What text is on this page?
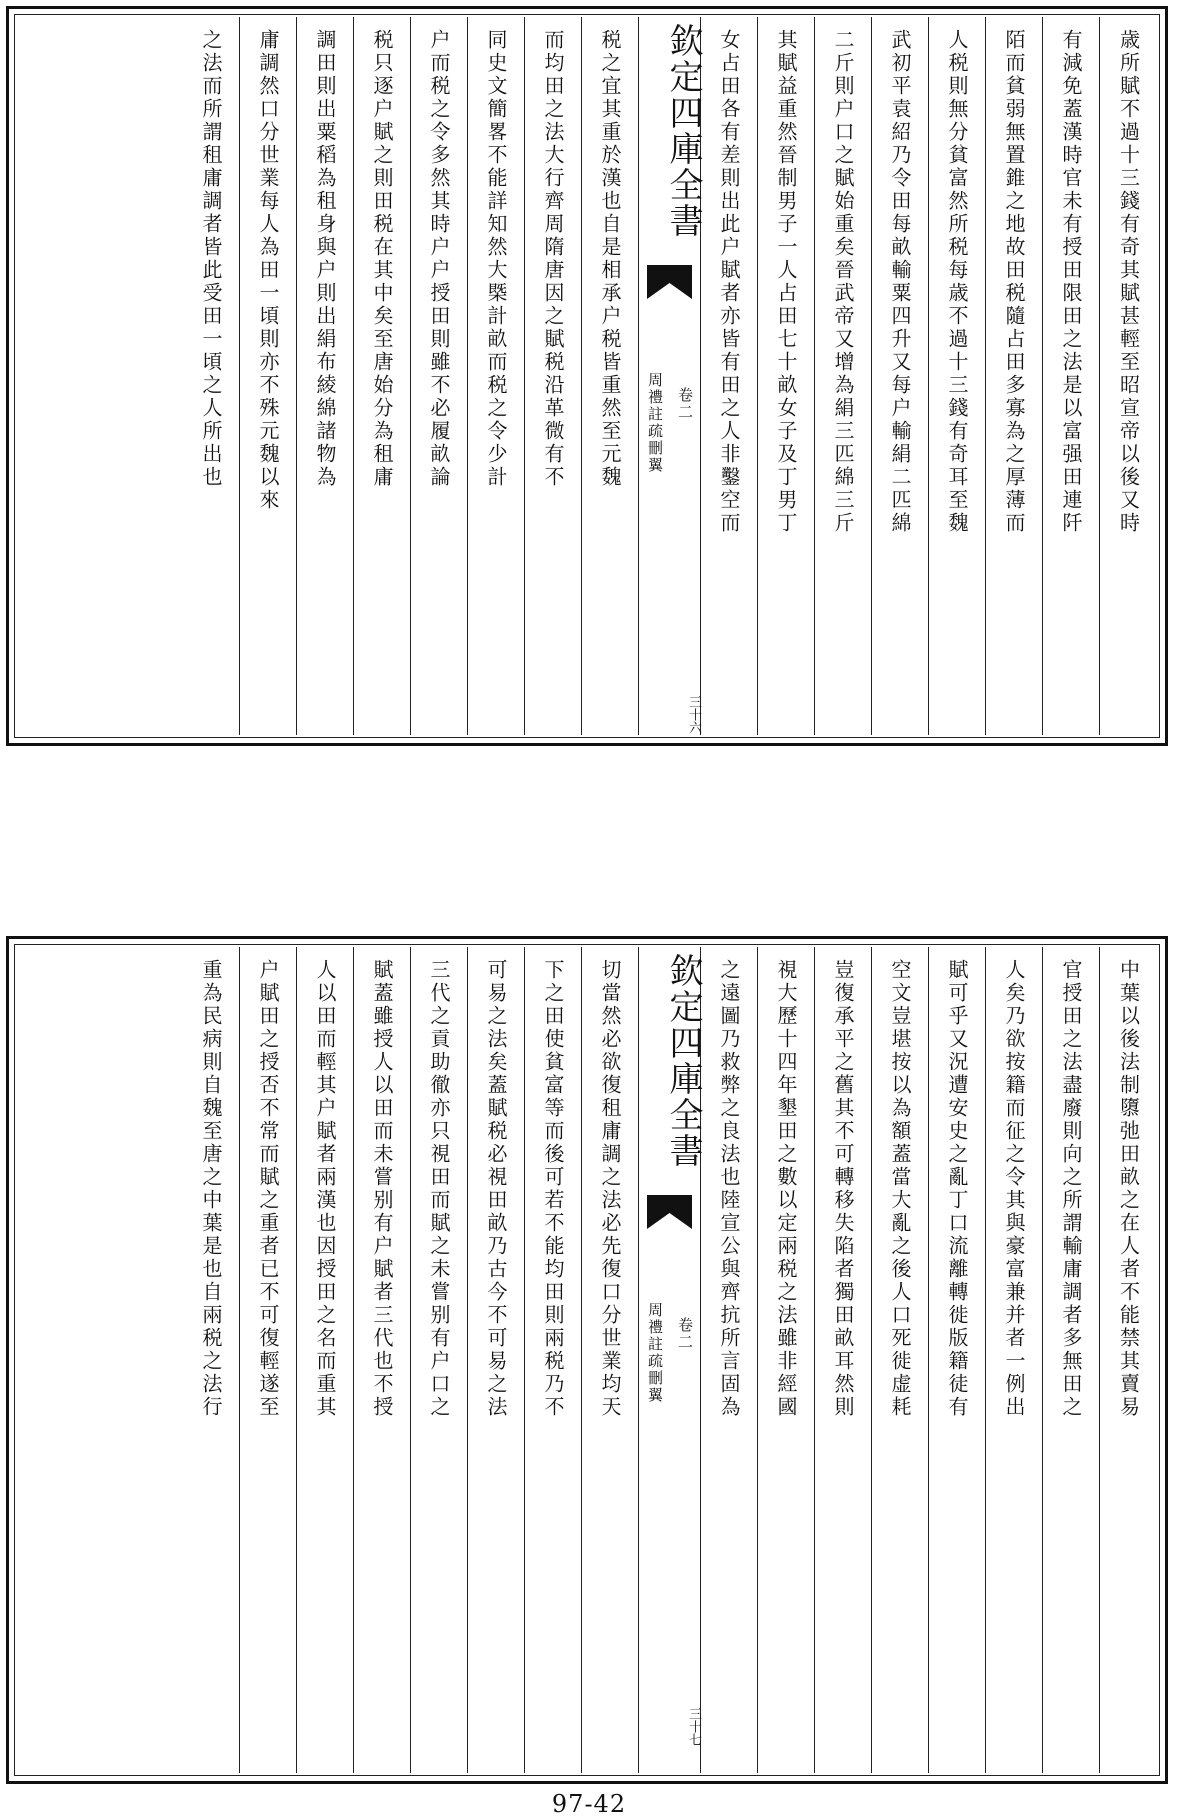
歳所賦不過十三錢有奇其賦甚輕至昭宣帝以後又時
有減免蓋漢時官未有授田限田之法是以富强田連阡
陌而貧弱無置錐之地故田税隨占田多寡為之厚薄而
人税則無分貧富然所税每歳不過十三錢有奇耳至魏
武初平袁紹乃令田每畝輸粟四升又每户輸絹二匹綿
二斤則户口之賦始重矣晉武帝又增為絹三匹綿三斤
其賦益重然晉制男子一人占田七十畝女子及丁男丁
女占田各有差則出此户賦者亦皆有田之人非鑿空而
欽定四庫全書
周禮註疏刪翼 卷二
三十六
税之宜其重於漢也自是相承户税皆重然至元魏
而均田之法大行齊周隋唐因之賦税沿革微有不
同史文簡畧不能詳知然大槩計畝而税之令少計
户而税之令多然其時户户授田則雖不必履畝論
税只逐户賦之則田税在其中矣至唐始分為租庸
調田則出粟稻為租身與户則出絹布綾綿諸物為
庸調然口分世業每人為田一頃則亦不殊元魏以來
之法而所謂租庸調者皆此受田一頃之人所出也
中葉以後法制隳弛田畝之在人者不能禁其賣易
官授田之法盡廢則向之所謂輸庸調者多無田之
人矣乃欲按籍而征之令其與豪富兼并者一例出
賦可乎又況遭安史之亂丁口流離轉徙版籍徒有
空文豈堪按以為額蓋當大亂之後人口死徙虚耗
豈復承平之舊其不可轉移失陷者獨田畝耳然則
視大歷十四年墾田之數以定兩税之法雖非經國
之遠圖乃救弊之良法也陸宣公與齊抗所言固為
欽定四庫全書
周禮註疏刪翼 卷二
三十七
切當然必欲復租庸調之法必先復口分世業均天
下之田使貧富等而後可若不能均田則兩税乃不
可易之法矣蓋賦税必視田畝乃古今不可易之法
三代之貢助徹亦只視田而賦之未嘗别有户口之
賦蓋雖授人以田而未嘗别有户賦者三代也不授
人以田而輕其户賦者兩漢也因授田之名而重其
户賦田之授否不常而賦之重者已不可復輕遂至
重為民病則自魏至唐之中葉是也自兩税之法行
97-42
